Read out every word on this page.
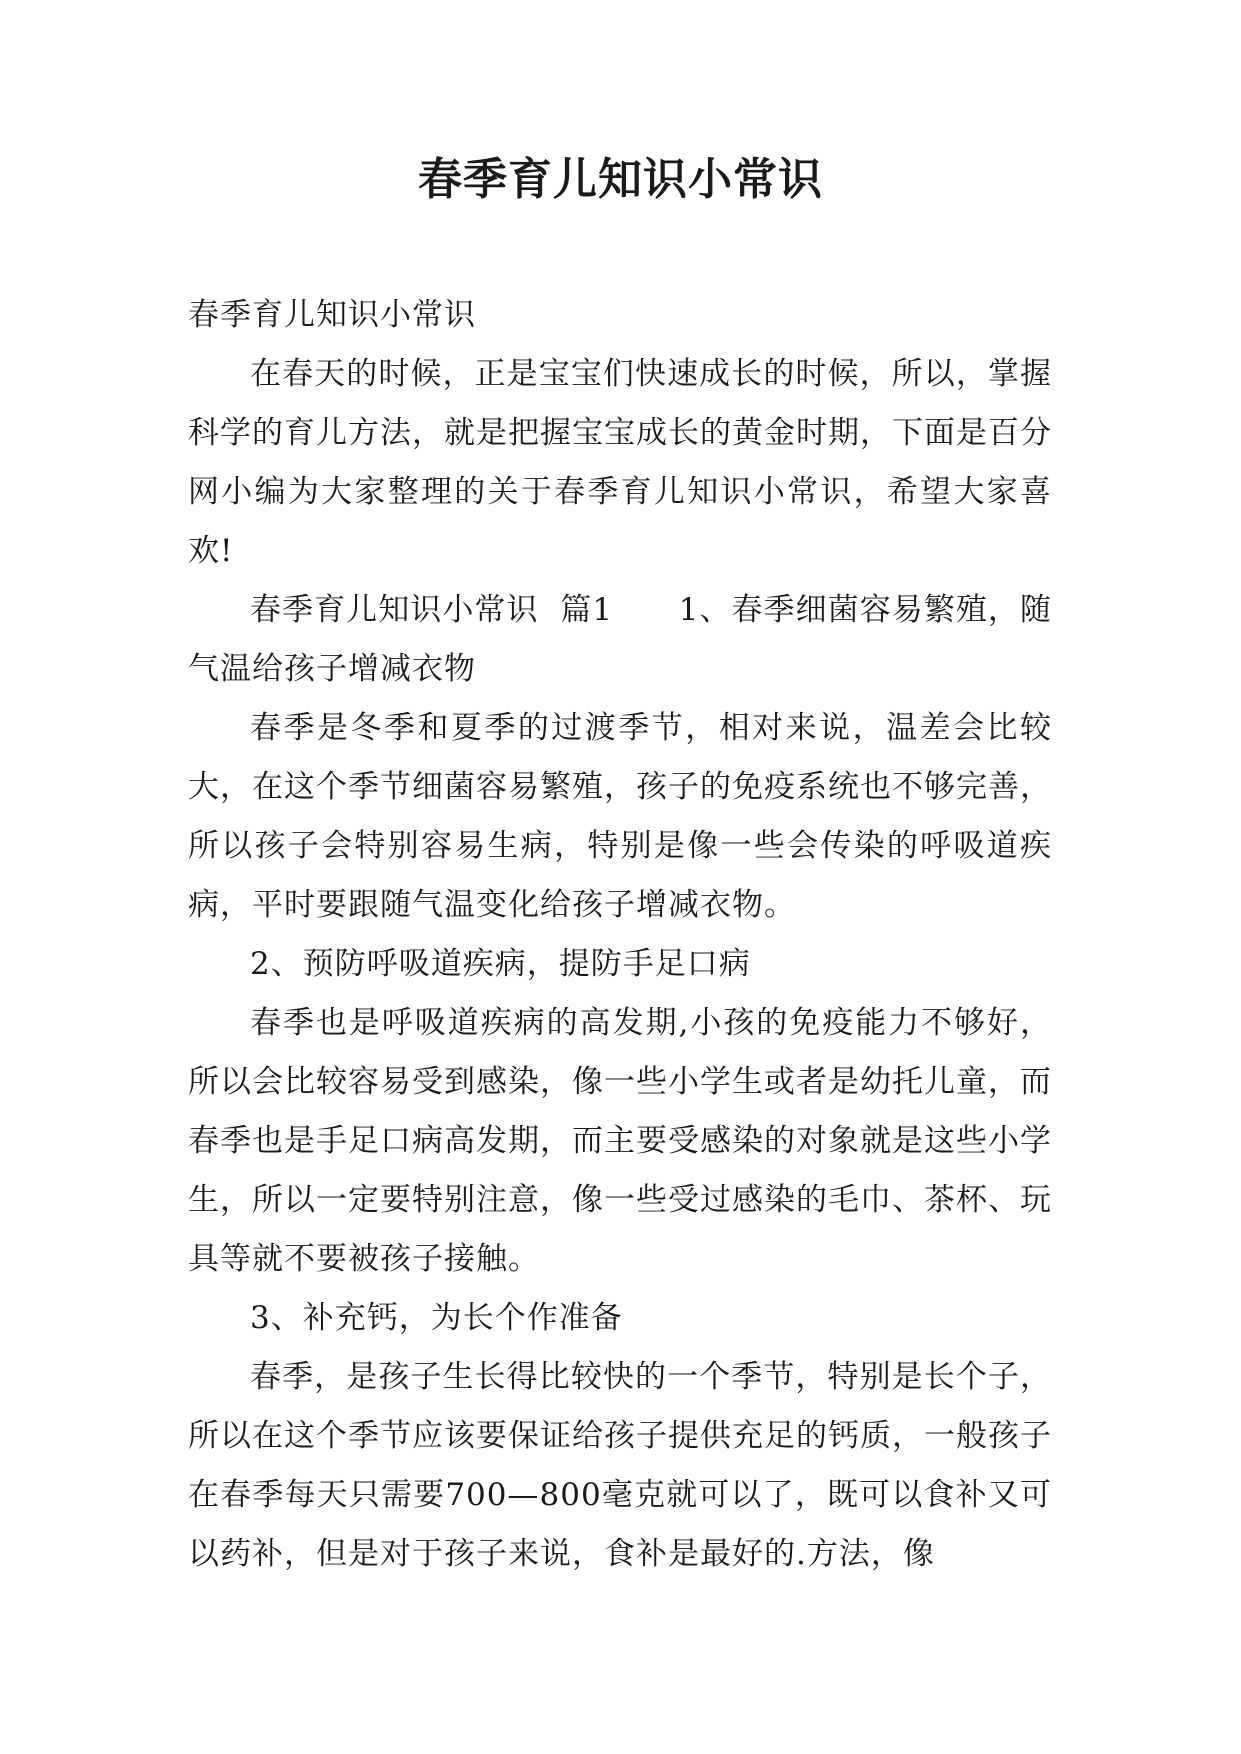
春季育儿知识小常识

春季育儿知识小常识

在春天的时候，正是宝宝们快速成长的时候，所以，掌握科学的育儿方法，就是把握宝宝成长的黄金时期，下面是百分网小编为大家整理的关于春季育儿知识小常识，希望大家喜欢!

春季育儿知识小常识  篇1      1、春季细菌容易繁殖，随气温给孩子增减衣物

春季是冬季和夏季的过渡季节，相对来说，温差会比较大，在这个季节细菌容易繁殖，孩子的免疫系统也不够完善，所以孩子会特别容易生病，特别是像一些会传染的呼吸道疾病，平时要跟随气温变化给孩子增减衣物。

2、预防呼吸道疾病，提防手足口病

春季也是呼吸道疾病的高发期,小孩的免疫能力不够好，所以会比较容易受到感染，像一些小学生或者是幼托儿童，而春季也是手足口病高发期，而主要受感染的对象就是这些小学生，所以一定要特别注意，像一些受过感染的毛巾、茶杯、玩具等就不要被孩子接触。

3、补充钙，为长个作准备

春季，是孩子生长得比较快的一个季节，特别是长个子，所以在这个季节应该要保证给孩子提供充足的钙质，一般孩子在春季每天只需要700—800毫克就可以了，既可以食补又可以药补，但是对于孩子来说，食补是最好的.方法，像
